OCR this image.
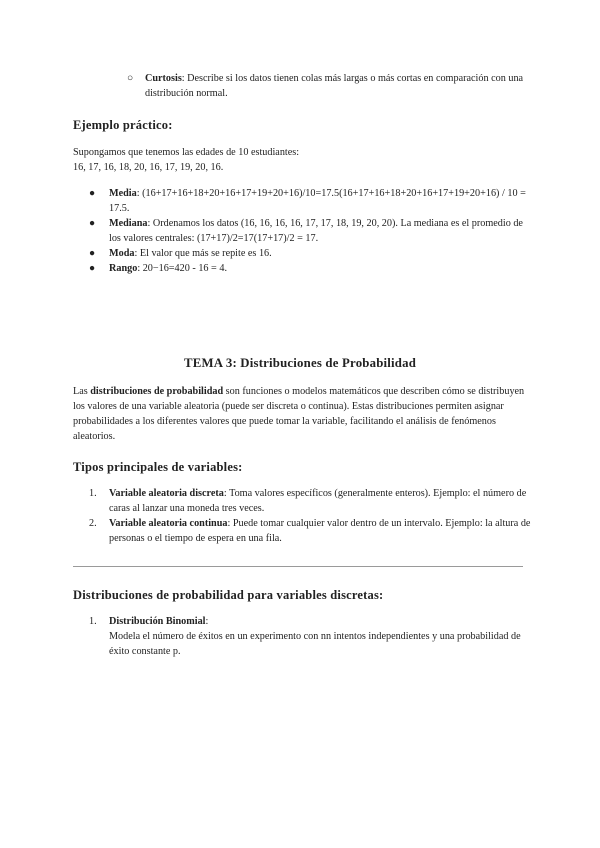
○ Curtosis: Describe si los datos tienen colas más largas o más cortas en comparación con una distribución normal.
Ejemplo práctico:
Supongamos que tenemos las edades de 10 estudiantes:
16, 17, 16, 18, 20, 16, 17, 19, 20, 16.
● Media: (16+17+16+18+20+16+17+19+20+16)/10=17.5(16+17+16+18+20+16+17+19+20+16) / 10 = 17.5.
● Mediana: Ordenamos los datos (16, 16, 16, 16, 17, 17, 18, 19, 20, 20). La mediana es el promedio de los valores centrales: (17+17)/2=17(17+17)/2 = 17.
● Moda: El valor que más se repite es 16.
● Rango: 20−16=420 - 16 = 4.
TEMA 3: Distribuciones de Probabilidad

Las distribuciones de probabilidad son funciones o modelos matemáticos que describen cómo se distribuyen los valores de una variable aleatoria (puede ser discreta o continua). Estas distribuciones permiten asignar probabilidades a los diferentes valores que puede tomar la variable, facilitando el análisis de fenómenos aleatorios.

Tipos principales de variables:
1. Variable aleatoria discreta: Toma valores específicos (generalmente enteros). Ejemplo: el número de caras al lanzar una moneda tres veces.
2. Variable aleatoria continua: Puede tomar cualquier valor dentro de un intervalo. Ejemplo: la altura de personas o el tiempo de espera en una fila.
Distribuciones de probabilidad para variables discretas:
1. Distribución Binomial:
Modela el número de éxitos en un experimento con nn intentos independientes y una probabilidad de éxito constante p.
